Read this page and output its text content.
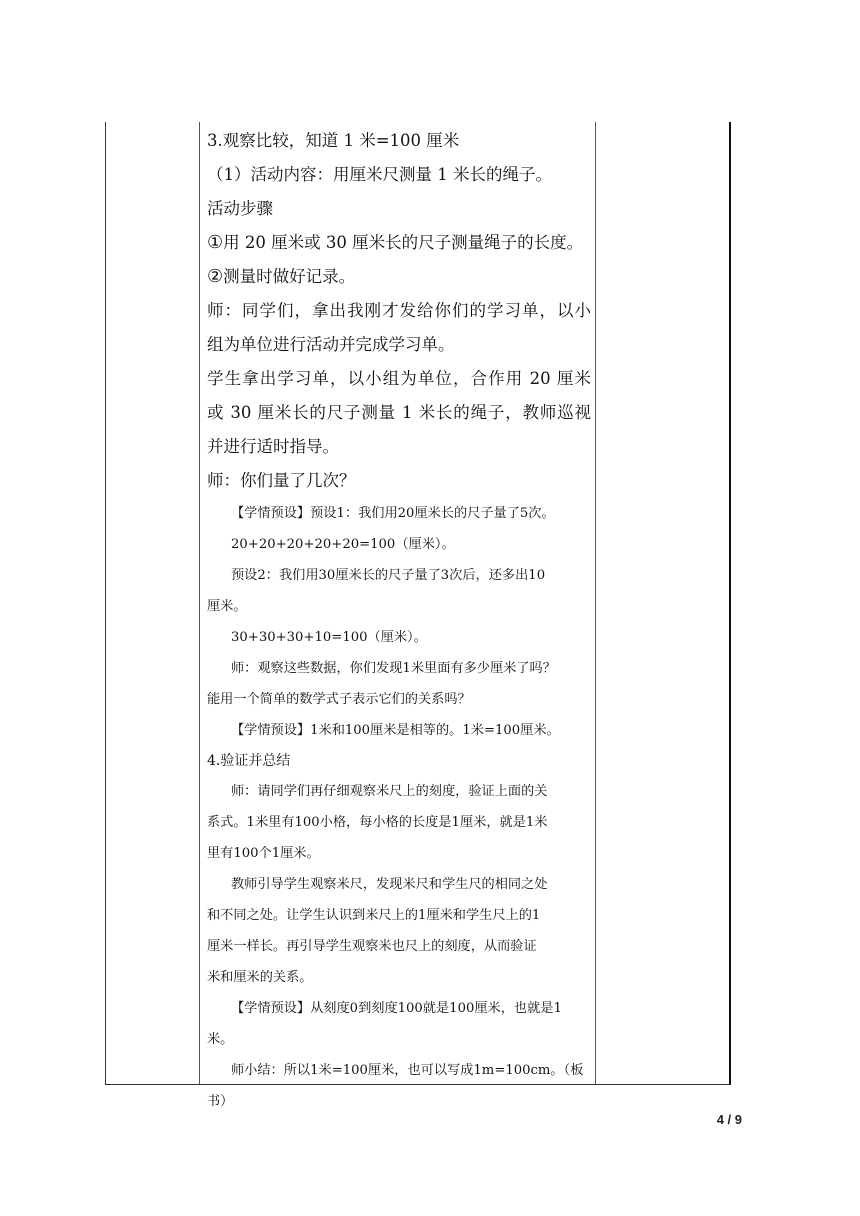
3.观察比较，知道 1 米=100 厘米
（1）活动内容：用厘米尺测量 1 米长的绳子。
活动步骤
①用 20 厘米或 30 厘米长的尺子测量绳子的长度。
②测量时做好记录。
师：同学们，拿出我刚才发给你们的学习单，以小
组为单位进行活动并完成学习单。
学生拿出学习单，以小组为单位，合作用 20 厘米
或 30 厘米长的尺子测量 1 米长的绳子，教师巡视
并进行适时指导。
师：你们量了几次？
【学情预设】预设1：我们用20厘米长的尺子量了5次。
20+20+20+20+20=100（厘米）。
预设2：我们用30厘米长的尺子量了3次后，还多出10
厘米。
30+30+30+10=100（厘米）。
师：观察这些数据，你们发现1米里面有多少厘米了吗？
能用一个简单的数学式子表示它们的关系吗？
【学情预设】1米和100厘米是相等的。1米=100厘米。
4.验证并总结
师：请同学们再仔细观察米尺上的刻度，验证上面的关
系式。1米里有100小格，每小格的长度是1厘米，就是1米
里有100个1厘米。
教师引导学生观察米尺，发现米尺和学生尺的相同之处
和不同之处。让学生认识到米尺上的1厘米和学生尺上的1
厘米一样长。再引导学生观察米也尺上的刻度，从而验证
米和厘米的关系。
【学情预设】从刻度0到刻度100就是100厘米，也就是1
米。
师小结：所以1米=100厘米，也可以写成1m=100cm。（板
书）
4 / 9
